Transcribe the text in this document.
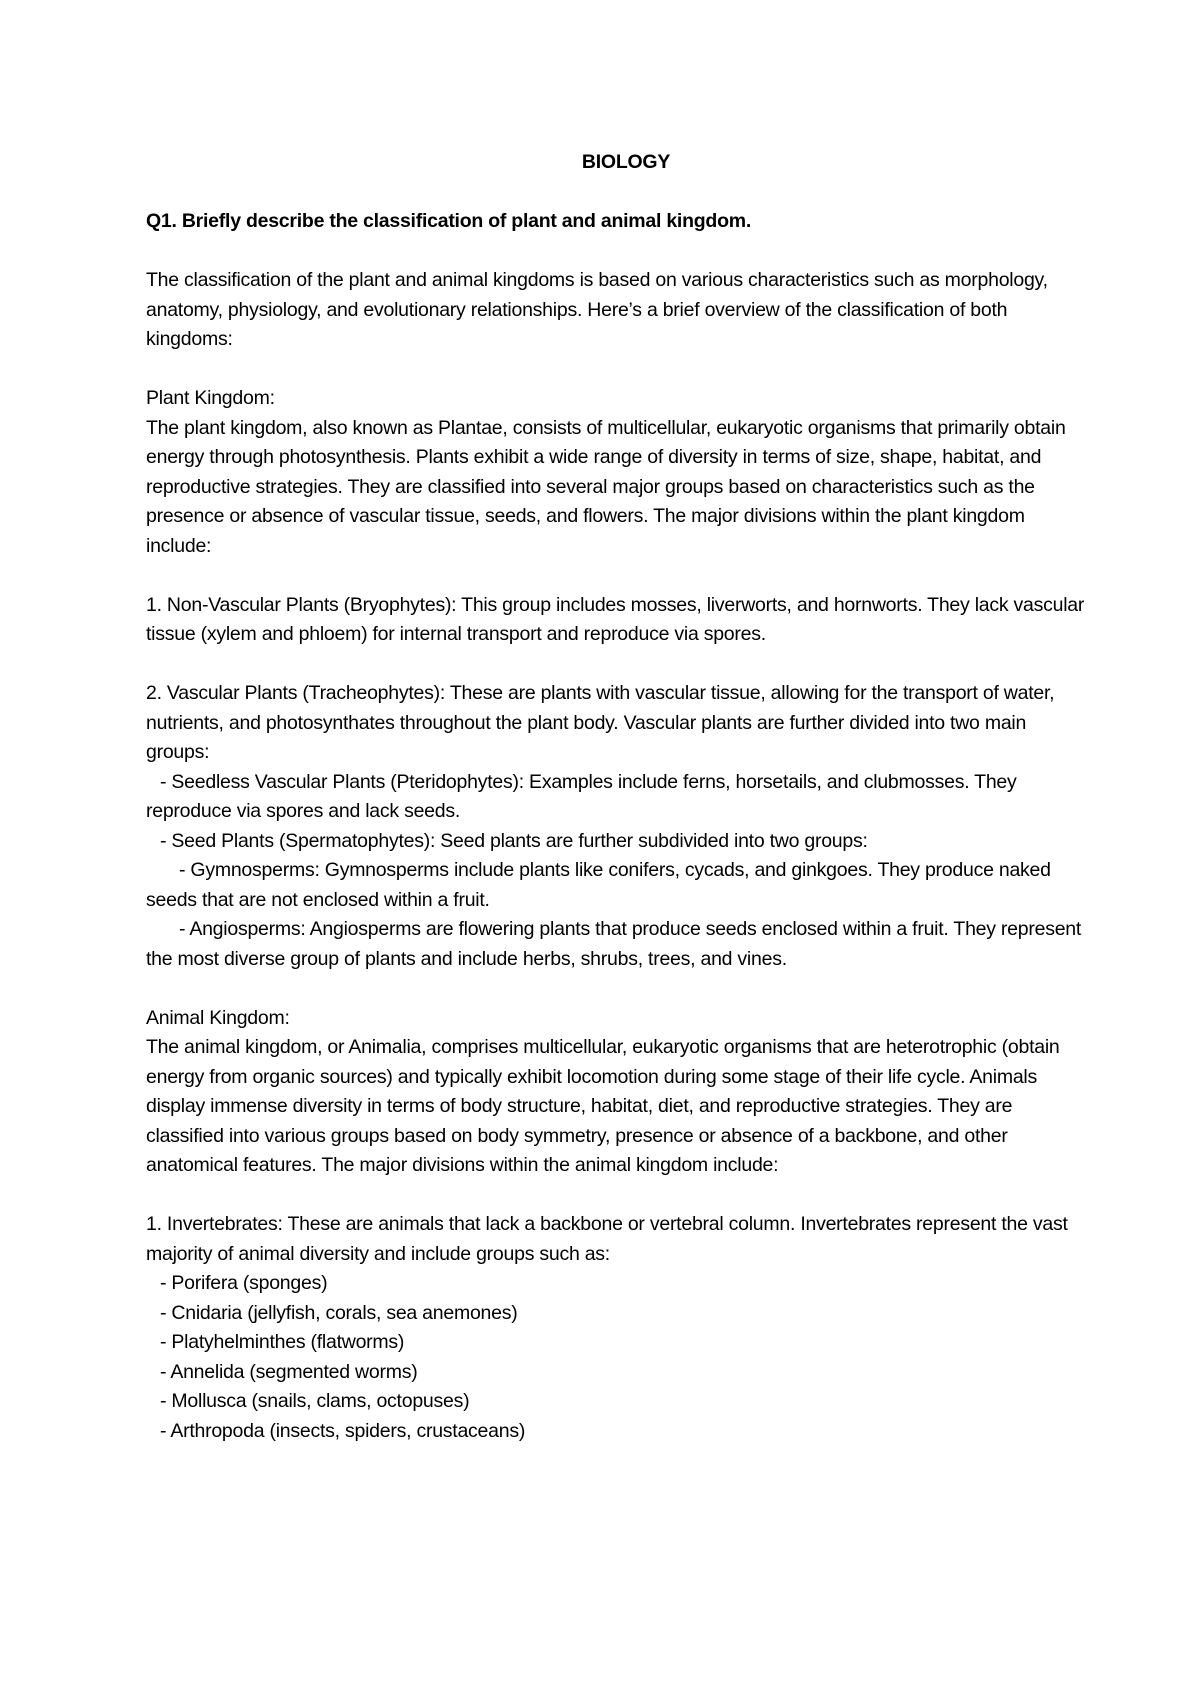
BIOLOGY

Q1. Briefly describe the classification of plant and animal kingdom.

The classification of the plant and animal kingdoms is based on various characteristics such as morphology, anatomy, physiology, and evolutionary relationships. Here’s a brief overview of the classification of both kingdoms:

Plant Kingdom:

The plant kingdom, also known as Plantae, consists of multicellular, eukaryotic organisms that primarily obtain energy through photosynthesis. Plants exhibit a wide range of diversity in terms of size, shape, habitat, and reproductive strategies. They are classified into several major groups based on characteristics such as the presence or absence of vascular tissue, seeds, and flowers. The major divisions within the plant kingdom include:

1. Non-Vascular Plants (Bryophytes): This group includes mosses, liverworts, and hornworts. They lack vascular tissue (xylem and phloem) for internal transport and reproduce via spores.

2. Vascular Plants (Tracheophytes): These are plants with vascular tissue, allowing for the transport of water, nutrients, and photosynthates throughout the plant body. Vascular plants are further divided into two main groups:

- Seedless Vascular Plants (Pteridophytes): Examples include ferns, horsetails, and clubmosses. They reproduce via spores and lack seeds.

- Seed Plants (Spermatophytes): Seed plants are further subdivided into two groups:

- Gymnosperms: Gymnosperms include plants like conifers, cycads, and ginkgoes. They produce naked seeds that are not enclosed within a fruit.

- Angiosperms: Angiosperms are flowering plants that produce seeds enclosed within a fruit. They represent the most diverse group of plants and include herbs, shrubs, trees, and vines.

Animal Kingdom:

The animal kingdom, or Animalia, comprises multicellular, eukaryotic organisms that are heterotrophic (obtain energy from organic sources) and typically exhibit locomotion during some stage of their life cycle. Animals display immense diversity in terms of body structure, habitat, diet, and reproductive strategies. They are classified into various groups based on body symmetry, presence or absence of a backbone, and other anatomical features. The major divisions within the animal kingdom include:

1. Invertebrates: These are animals that lack a backbone or vertebral column. Invertebrates represent the vast majority of animal diversity and include groups such as:

- Porifera (sponges)

- Cnidaria (jellyfish, corals, sea anemones)

- Platyhelminthes (flatworms)

- Annelida (segmented worms)

- Mollusca (snails, clams, octopuses)

- Arthropoda (insects, spiders, crustaceans)
